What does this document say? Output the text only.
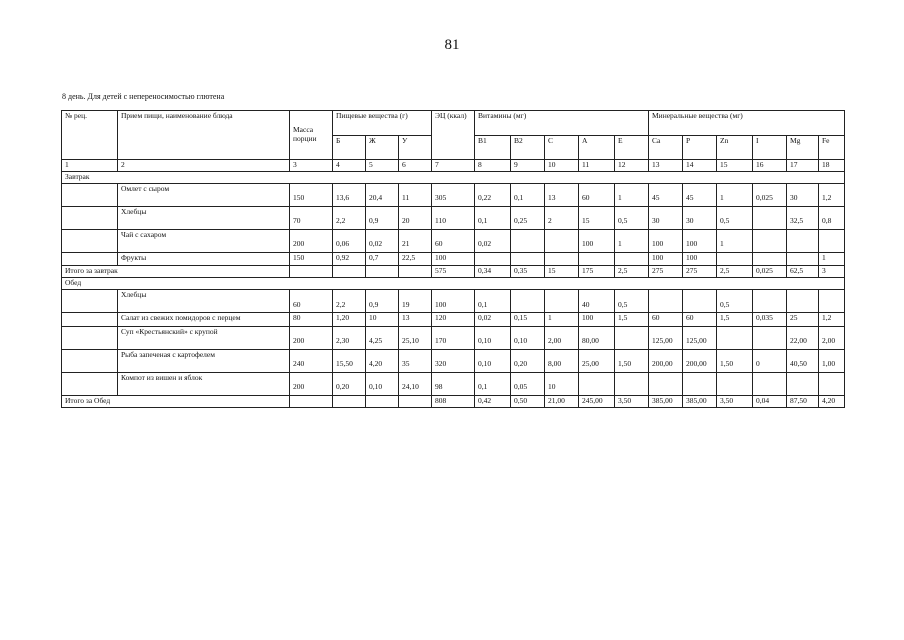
81
8 день. Для детей с непереносимостью глютена
№ рец.	Прием пищи, наименование блюда	Масса порции	Пищевые вещества (г)			ЭЦ (ккал)	Витамины (мг)					Минеральные вещества (мг)					
			Б	Ж	У		В1	В2	С	А	Е	Ca	P	Zn	I	Mg	Fe
1	2	3	4	5	6	7	8	9	10	11	12	13	14	15	16	17	18
Завтрак																	
	Омлет с сыром	150	13,6	20,4	11	305	0,22	0,1	13	60	1	45	45	1	0,025	30	1,2
	Хлебцы	70	2,2	0,9	20	110	0,1	0,25	2	15	0,5	30	30	0,5		32,5	0,8
	Чай с сахаром	200	0,06	0,02	21	60	0,02			100	1	100	100	1			
	Фрукты	150	0,92	0,7	22,5	100						100	100				1
Итого за завтрак						575	0,34	0,35	15	175	2,5	275	275	2,5	0,025	62,5	3
Обед																	
	Хлебцы	60	2,2	0,9	19	100	0,1			40	0,5			0,5			
	Салат из свежих помидоров с перцем	80	1,20	10	13	120	0,02	0,15	1	100	1,5	60	60	1,5	0,035	25	1,2
	Суп «Крестьянский» с крупой	200	2,30	4,25	25,10	170	0,10	0,10	2,00	80,00		125,00	125,00			22,00	2,00
	Рыба запеченая с картофелем	240	15,50	4,20	35	320	0,10	0,20	8,00	25,00	1,50	200,00	200,00	1,50	0	40,50	1,00
	Компот из вишен и яблок	200	0,20	0,10	24,10	98	0,1	0,05	10								
Итого за Обед						808	0,42	0,50	21,00	245,00	3,50	385,00	385,00	3,50	0,04	87,50	4,20
